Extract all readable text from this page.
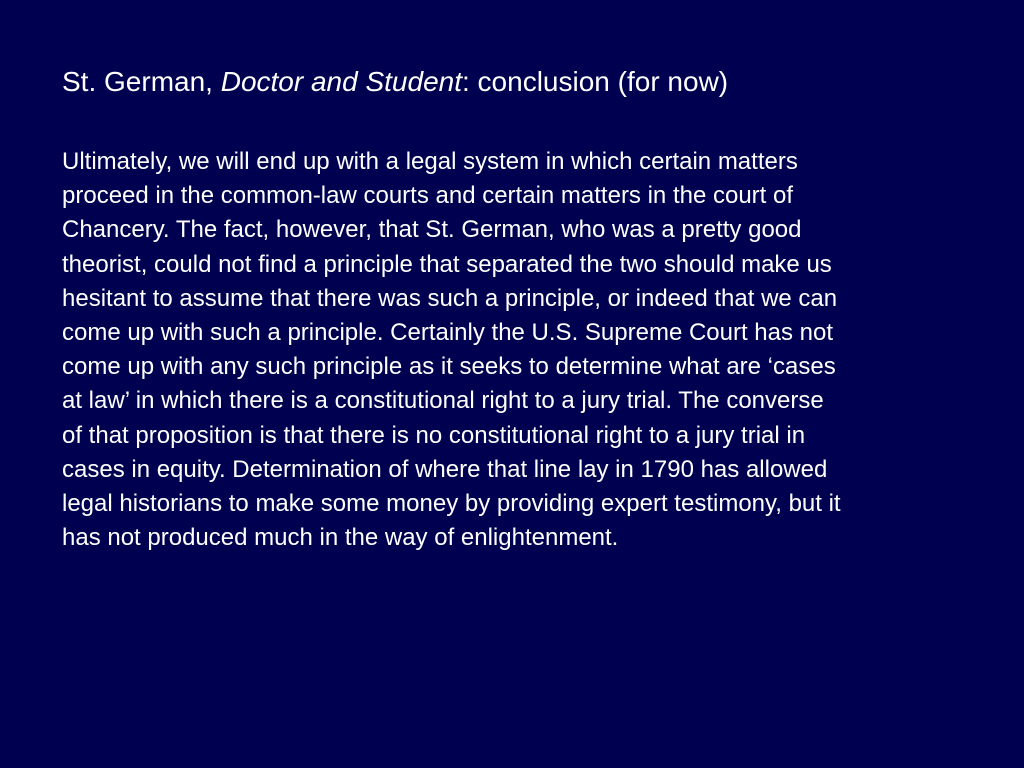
St. German, Doctor and Student: conclusion (for now)

Ultimately, we will end up with a legal system in which certain matters
proceed in the common-law courts and certain matters in the court of
Chancery. The fact, however, that St. German, who was a pretty good
theorist, could not find a principle that separated the two should make us
hesitant to assume that there was such a principle, or indeed that we can
come up with such a principle. Certainly the U.S. Supreme Court has not
come up with any such principle as it seeks to determine what are ‘cases
at law’ in which there is a constitutional right to a jury trial. The converse
of that proposition is that there is no constitutional right to a jury trial in
cases in equity. Determination of where that line lay in 1790 has allowed
legal historians to make some money by providing expert testimony, but it
has not produced much in the way of enlightenment.
